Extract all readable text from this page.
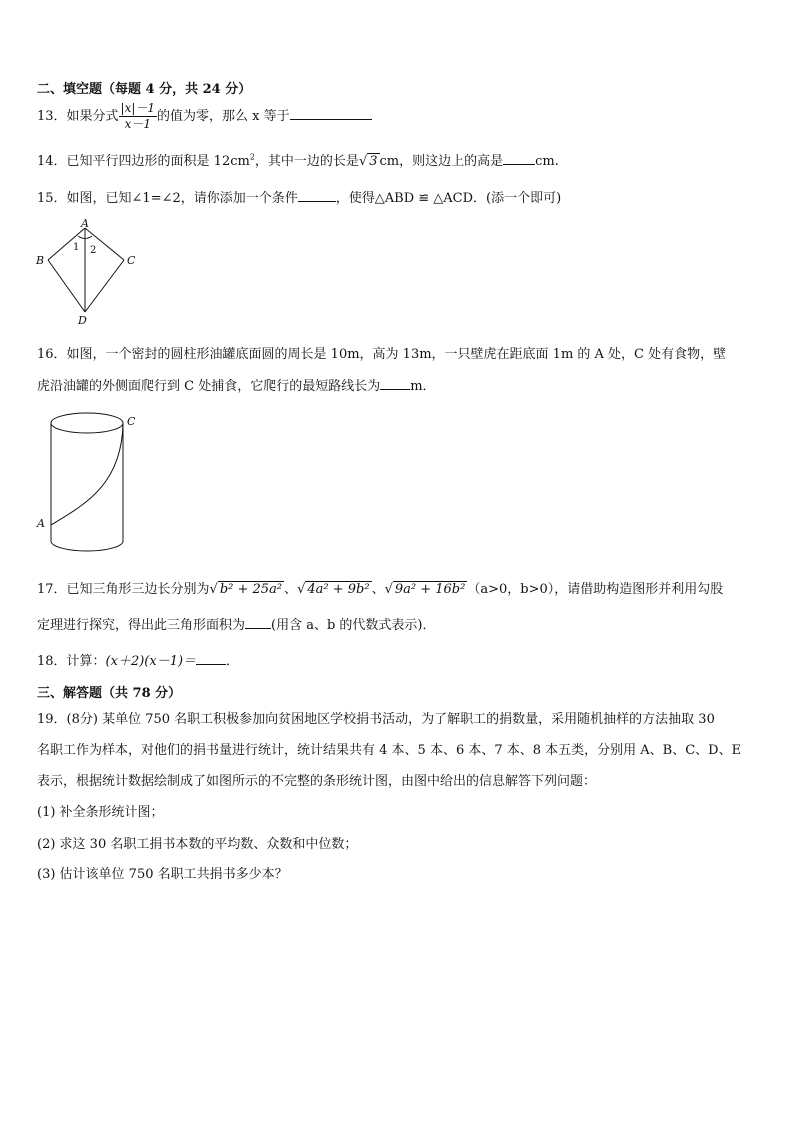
二、填空题（每题 4 分，共 24 分）
13．如果分式 $\frac{|x|-1}{x-1}$ 的值为零，那么 x 等于
14．已知平行四边形的面积是 $12cm^2$，其中一边的长是√ 3 cm，则这边上的高是 cm.
15．如图，已知∠1=∠2，请你添加一个条件	，使得△ABD ≌ △ACD．(添一个即可)
A
B	C
D
1 2
16．如图，一个密封的圆柱形油罐底面圆的周长是 10m，高为 13m，一只壁虎在距底面 1m 的 A 处，C 处有食物，壁
虎沿油罐的外侧面爬行到 C 处捕食，它爬行的最短路线长为 m．
A
C
17．已知三角形三边长分别为√ b² + 25a² 、√ 4a² + 9b² 、√ 9a² + 16b² （a>0，b>0），请借助构造图形并利用勾股
定理进行探究，得出此三角形面积为 (用含 a、b 的代数式表示)．
18．计算：(x＋2)(x－1)＝ ．
三、解答题（共 78 分）
19．(8分) 某单位 750 名职工积极参加向贫困地区学校捐书活动，为了解职工的捐数量，采用随机抽样的方法抽取 30
名职工作为样本，对他们的捐书量进行统计，统计结果共有 4 本、5 本、6 本、7 本、8 本五类，分别用 A、B、C、D、E
表示，根据统计数据绘制成了如图所示的不完整的条形统计图，由图中给出的信息解答下列问题：
(1) 补全条形统计图；
(2) 求这 30 名职工捐书本数的平均数、众数和中位数；
(3) 估计该单位 750 名职工共捐书多少本？
